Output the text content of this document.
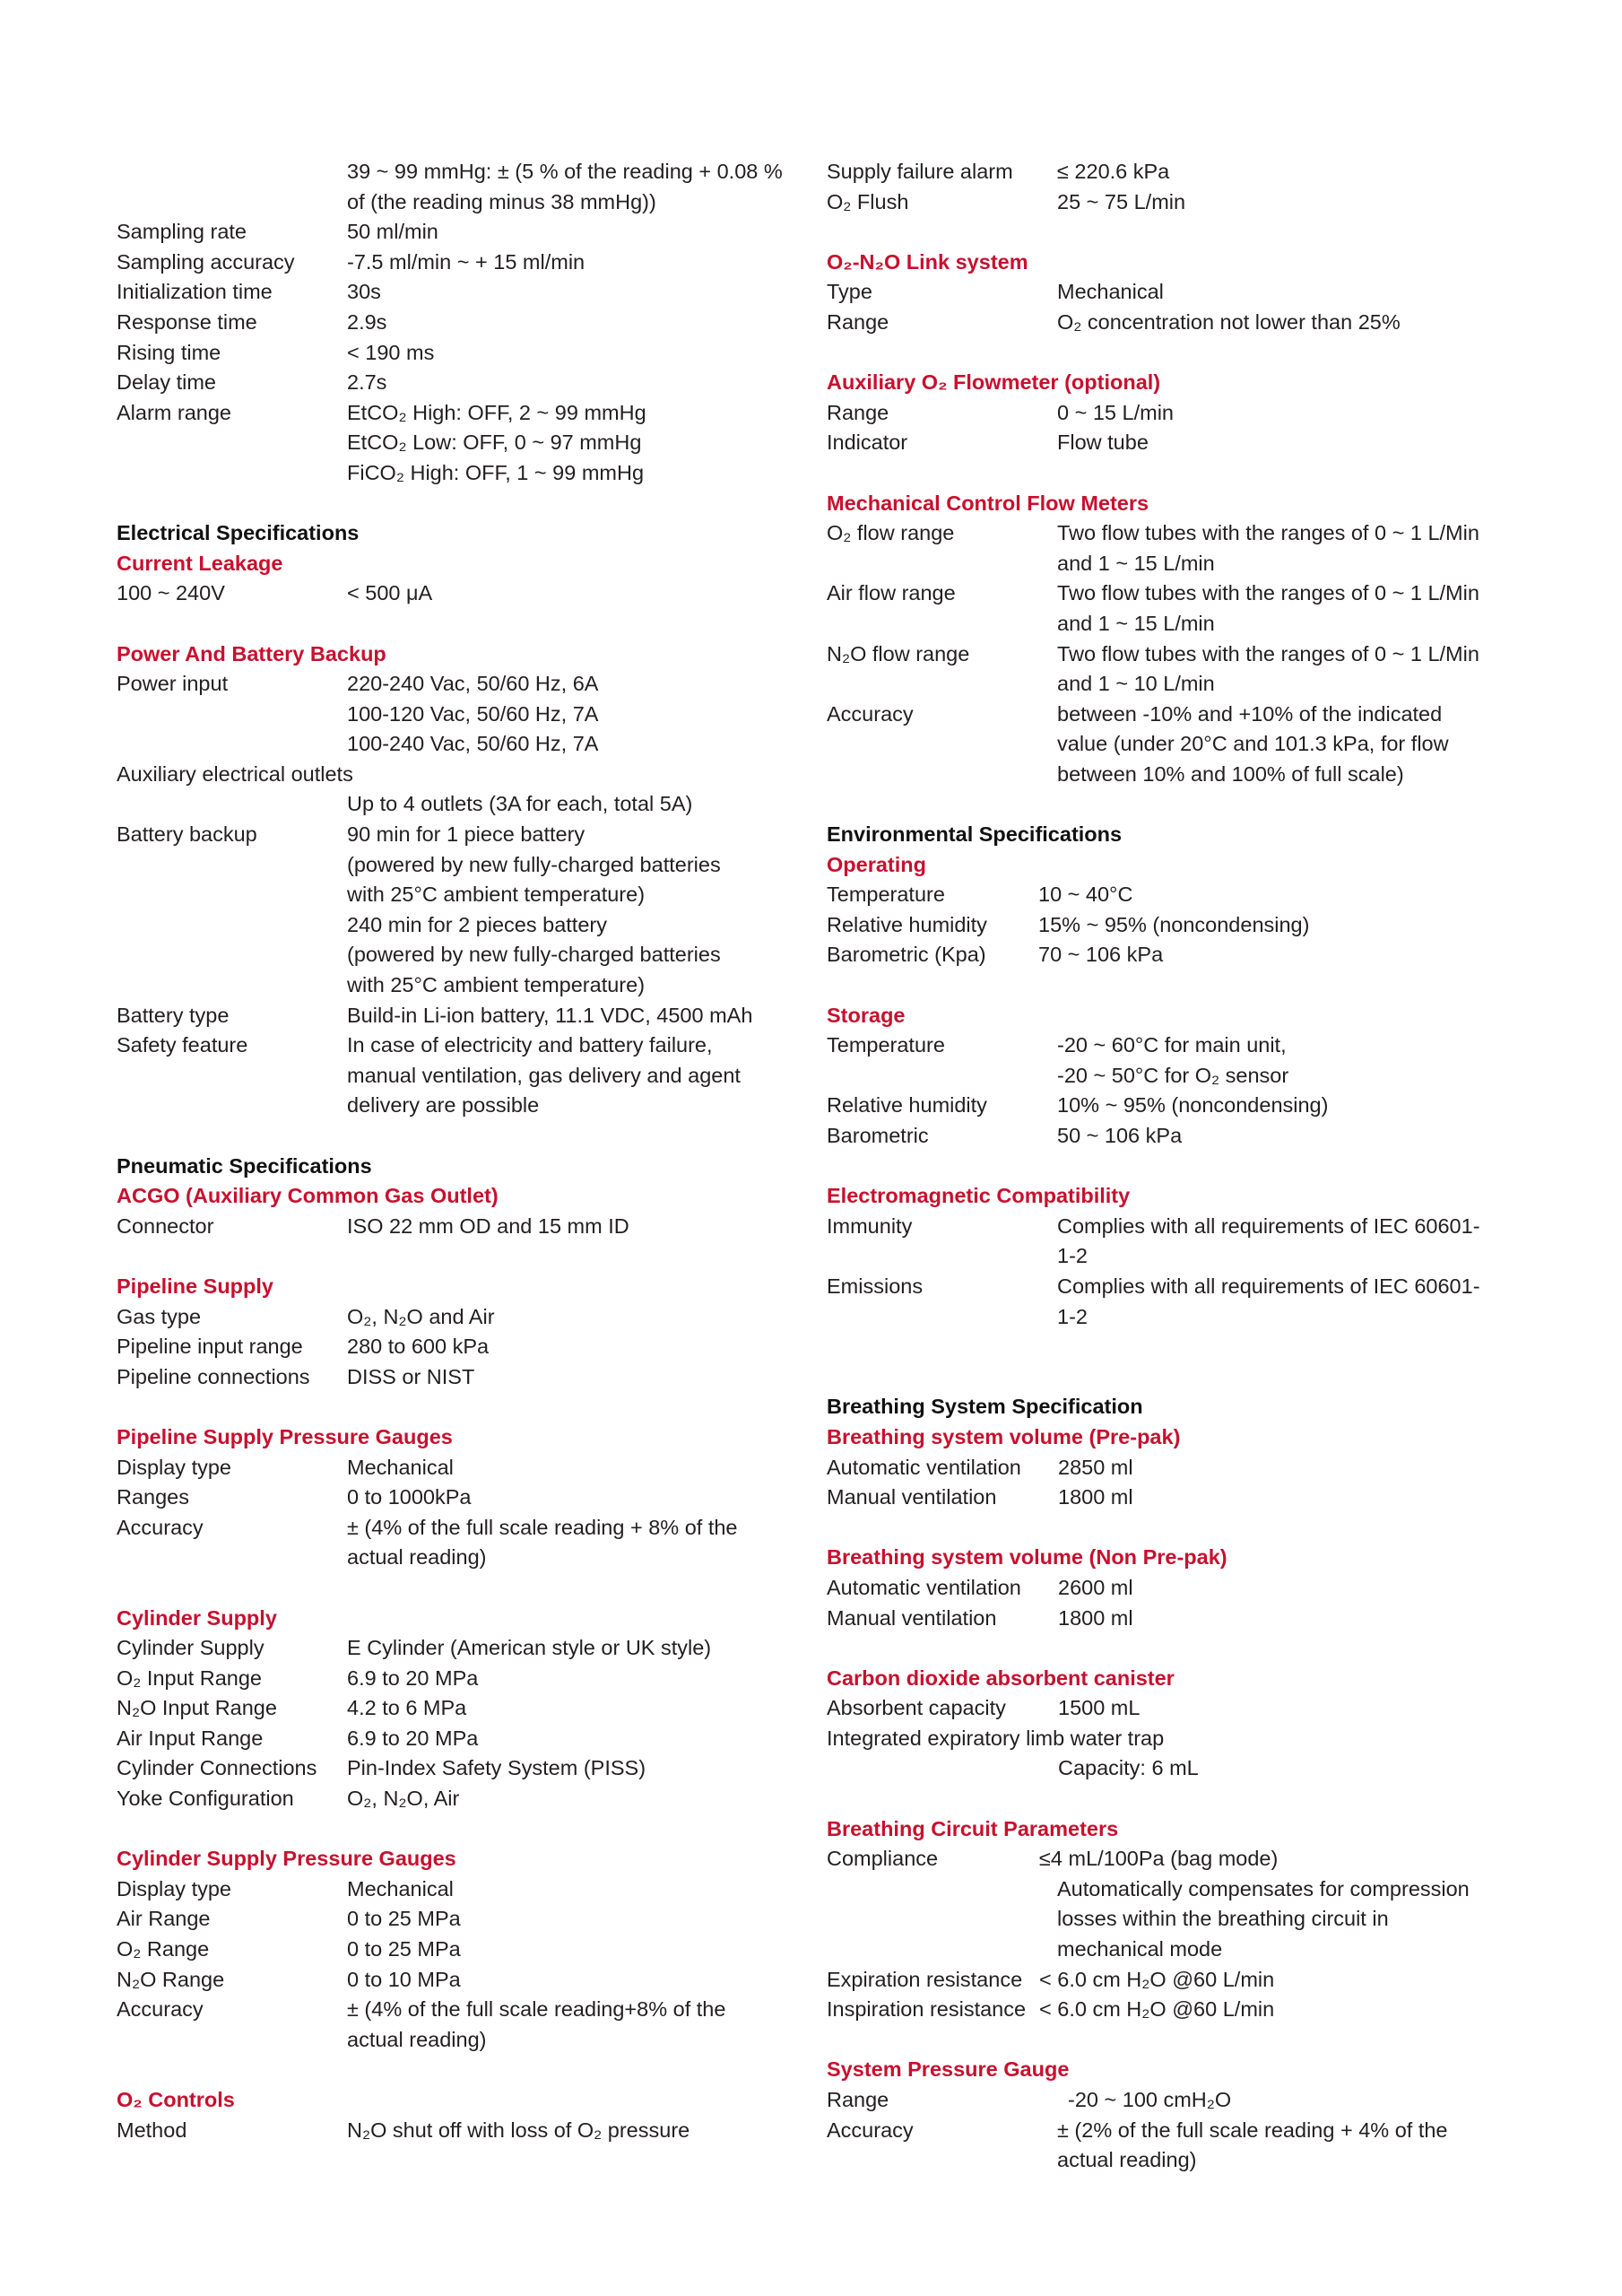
39 ~ 99 mmHg: ± (5 % of the reading + 0.08 %
of (the reading minus 38 mmHg))
Sampling rate	50 ml/min
Sampling accuracy -7.5 ml/min ~ + 15 ml/min
Initialization time	30s
Response time	2.9s
Rising time	< 190 ms
Delay time	2.7s
Alarm range	EtCO₂ High: OFF, 2 ~ 99 mmHg
EtCO₂ Low: OFF, 0 ~ 97 mmHg
FiCO₂ High: OFF, 1 ~ 99 mmHg
Electrical Specifications
Current Leakage
100 ~ 240V	< 500 μA
Power And Battery Backup
Power input	220-240 Vac, 50/60 Hz, 6A
100-120 Vac, 50/60 Hz, 7A
100-240 Vac, 50/60 Hz, 7A
Auxiliary electrical outlets
Up to 4 outlets (3A for each, total 5A)
Battery backup	90 min for 1 piece battery
(powered by new fully-charged batteries
with 25°C ambient temperature)
240 min for 2 pieces battery
(powered by new fully-charged batteries
with 25°C ambient temperature)
Battery type	Build-in Li-ion battery, 11.1 VDC, 4500 mAh
Safety feature	In case of electricity and battery failure,
manual ventilation, gas delivery and agent
delivery are possible
Pneumatic Specifications
ACGO (Auxiliary Common Gas Outlet)
Connector	ISO 22 mm OD and 15 mm ID
Pipeline Supply
Gas type	O₂, N₂O and Air
Pipeline input range 280 to 600 kPa
Pipeline connections DISS or NIST
Pipeline Supply Pressure Gauges
Display type	Mechanical
Ranges	0 to 1000kPa
Accuracy	± (4% of the full scale reading + 8% of the
actual reading)
Cylinder Supply
Cylinder Supply	E Cylinder (American style or UK style)
O₂ Input Range	6.9 to 20 MPa
N₂O Input Range	4.2 to 6 MPa
Air Input Range	6.9 to 20 MPa
Cylinder Connections Pin-Index Safety System (PISS)
Yoke Configuration	O₂, N₂O, Air
Cylinder Supply Pressure Gauges
Display type	Mechanical
Air Range	0 to 25 MPa
O₂ Range	0 to 25 MPa
N₂O Range	0 to 10 MPa
Accuracy	± (4% of the full scale reading+8% of the
actual reading)
O₂ Controls
Method	N₂O shut off with loss of O₂ pressure
Supply failure alarm ≤ 220.6 kPa
O₂ Flush	25 ~ 75 L/min
O₂-N₂O Link system
Type	Mechanical
Range	O₂ concentration not lower than 25%
Auxiliary O₂ Flowmeter (optional)
Range	0 ~ 15 L/min
Indicator	Flow tube
Mechanical Control Flow Meters
O₂ flow range	Two flow tubes with the ranges of 0 ~ 1 L/Min
and 1 ~ 15 L/min
Air flow range	Two flow tubes with the ranges of 0 ~ 1 L/Min
and 1 ~ 15 L/min
N₂O flow range	Two flow tubes with the ranges of 0 ~ 1 L/Min
and 1 ~ 10 L/min
Accuracy	between -10% and +10% of the indicated
value (under 20°C and 101.3 kPa, for flow
between 10% and 100% of full scale)
Environmental Specifications
Operating
Temperature	10 ~ 40°C
Relative humidity 15% ~ 95% (noncondensing)
Barometric (Kpa) 70 ~ 106 kPa
Storage
Temperature	-20 ~ 60°C for main unit,
-20 ~ 50°C for O₂ sensor
Relative humidity	10% ~ 95% (noncondensing)
Barometric	50 ~ 106 kPa
Electromagnetic Compatibility
Immunity	Complies with all requirements of IEC 60601-
1-2
Emissions	Complies with all requirements of IEC 60601-
1-2
Breathing System Specification
Breathing system volume (Pre-pak)
Automatic ventilation 2850 ml
Manual ventilation	1800 ml
Breathing system volume (Non Pre-pak)
Automatic ventilation 2600 ml
Manual ventilation	1800 ml
Carbon dioxide absorbent canister
Absorbent capacity 1500 mL
Integrated expiratory limb water trap
Capacity: 6 mL
Breathing Circuit Parameters
Compliance	≤4 mL/100Pa (bag mode)
Automatically compensates for compression
losses within the breathing circuit in
mechanical mode
Expiration resistance < 6.0 cm H₂O @60 L/min
Inspiration resistance < 6.0 cm H₂O @60 L/min
System Pressure Gauge
Range	-20 ~ 100 cmH₂O
Accuracy	± (2% of the full scale reading + 4% of the
actual reading)
